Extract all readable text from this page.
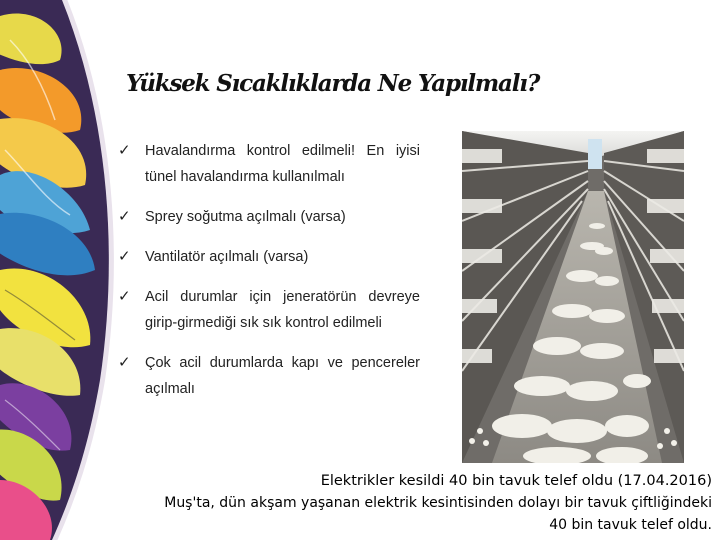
Yüksek Sıcaklıklarda Ne Yapılmalı?
✓ Havalandırma kontrol edilmeli! En iyisi tünel havalandırma kullanılmalı
✓ Sprey soğutma açılmalı (varsa)
✓ Vantilatör açılmalı (varsa)
✓ Acil durumlar için jeneratörün devreye girip-girmediği sık sık kontrol edilmeli
✓ Çok acil durumlarda kapı ve pencereler açılmalı
Elektrikler kesildi 40 bin tavuk telef oldu (17.04.2016)
Muş'ta, dün akşam yaşanan elektrik kesintisinden dolayı bir tavuk çiftliğindeki 40 bin tavuk telef oldu.
